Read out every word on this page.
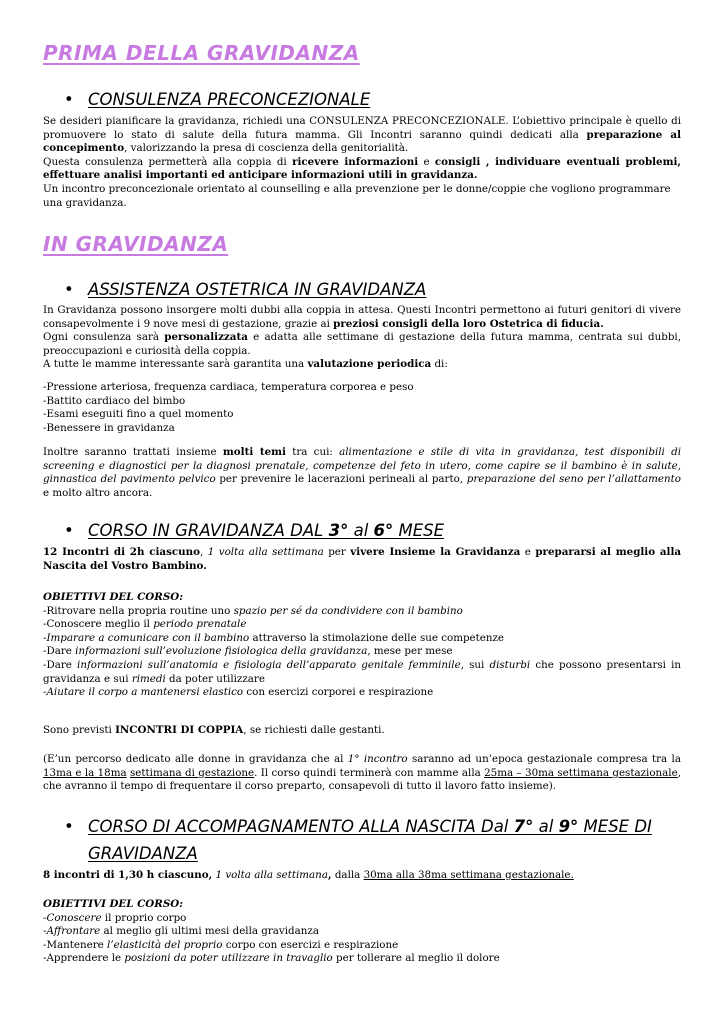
PRIMA DELLA GRAVIDANZA
• CONSULENZA PRECONCEZIONALE

Se desideri pianificare la gravidanza, richiedi una CONSULENZA PRECONCEZIONALE. L’obiettivo principale è quello di promuovere lo stato di salute della futura mamma. Gli Incontri saranno quindi dedicati alla preparazione al concepimento, valorizzando la presa di coscienza della genitorialità.

Questa consulenza permetterà alla coppia di ricevere informazioni e consigli , individuare eventuali problemi, effettuare analisi importanti ed anticipare informazioni utili in gravidanza.

Un incontro preconcezionale orientato al counselling e alla prevenzione per le donne/coppie che vogliono programmare una gravidanza.

IN GRAVIDANZA
• ASSISTENZA OSTETRICA IN GRAVIDANZA

In Gravidanza possono insorgere molti dubbi alla coppia in attesa. Questi Incontri permettono ai futuri genitori di vivere consapevolmente i 9 nove mesi di gestazione, grazie ai preziosi consigli della loro Ostetrica di fiducia.

Ogni consulenza sarà personalizzata e adatta alle settimane di gestazione della futura mamma, centrata sui dubbi, preoccupazioni e curiosità della coppia.

A tutte le mamme interessante sarà garantita una valutazione periodica di:

-Pressione arteriosa, frequenza cardiaca, temperatura corporea e peso

-Battito cardiaco del bimbo

-Esami eseguiti fino a quel momento

-Benessere in gravidanza

Inoltre saranno trattati insieme molti temi tra cui: alimentazione e stile di vita in gravidanza, test disponibili di screening e diagnostici per la diagnosi prenatale, competenze del feto in utero, come capire se il bambino è in salute, ginnastica del pavimento pelvico per prevenire le lacerazioni perineali al parto, preparazione del seno per l’allattamento e molto altro ancora.

• CORSO IN GRAVIDANZA DAL 3° al 6° MESE

12 Incontri di 2h ciascuno, 1 volta alla settimana per vivere Insieme la Gravidanza e prepararsi al meglio alla Nascita del Vostro Bambino.

OBIETTIVI DEL CORSO:

-Ritrovare nella propria routine uno spazio per sé da condividere con il bambino

-Conoscere meglio il periodo prenatale

-Imparare a comunicare con il bambino attraverso la stimolazione delle sue competenze

-Dare informazioni sull’evoluzione fisiologica della gravidanza, mese per mese

-Dare informazioni sull’anatomia e fisiologia dell’apparato genitale femminile, sui disturbi che possono presentarsi in gravidanza e sui rimedi da poter utilizzare

-Aiutare il corpo a mantenersi elastico con esercizi corporei e respirazione

Sono previsti INCONTRI DI COPPIA, se richiesti dalle gestanti.

(E’un percorso dedicato alle donne in gravidanza che al 1° incontro saranno ad un’epoca gestazionale compresa tra la 13ma e la 18ma settimana di gestazione. Il corso quindi terminerà con mamme alla 25ma – 30ma settimana gestazionale, che avranno il tempo di frequentare il corso preparto, consapevoli di tutto il lavoro fatto insieme).

• CORSO DI ACCOMPAGNAMENTO ALLA NASCITA Dal 7° al 9° MESE DI
GRAVIDANZA

8 incontri di 1,30 h ciascuno, 1 volta alla settimana, dalla 30ma alla 38ma settimana gestazionale.

OBIETTIVI DEL CORSO:

-Conoscere il proprio corpo

-Affrontare al meglio gli ultimi mesi della gravidanza

-Mantenere l’elasticità del proprio corpo con esercizi e respirazione

-Apprendere le posizioni da poter utilizzare in travaglio per tollerare al meglio il dolore
